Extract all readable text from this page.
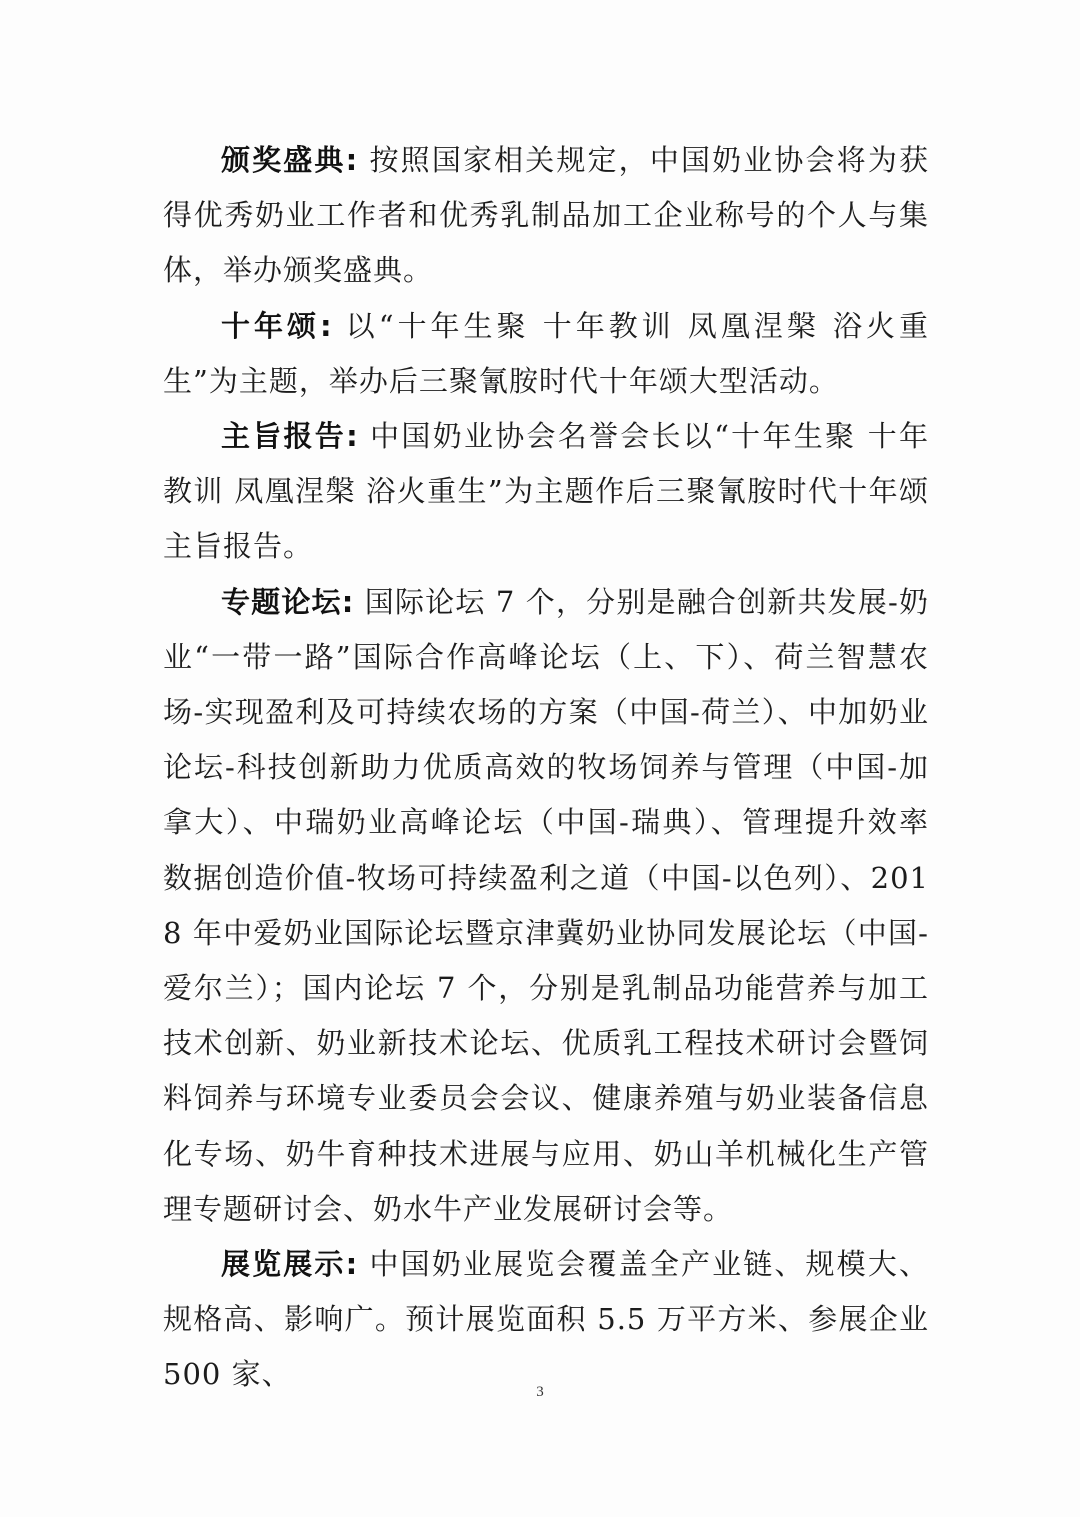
颁奖盛典: 按照国家相关规定，中国奶业协会将为获得优秀奶业工作者和优秀乳制品加工企业称号的个人与集体，举办颁奖盛典。

十年颂: 以“十年生聚 十年教训 凤凰涅槃 浴火重生”为主题，举办后三聚氰胺时代十年颂大型活动。

主旨报告: 中国奶业协会名誉会长以“十年生聚 十年教训 凤凰涅槃 浴火重生”为主题作后三聚氰胺时代十年颂主旨报告。

专题论坛: 国际论坛 7 个，分别是融合创新共发展-奶业“一带一路”国际合作高峰论坛（上、下）、荷兰智慧农场-实现盈利及可持续农场的方案（中国-荷兰）、中加奶业论坛-科技创新助力优质高效的牧场饲养与管理（中国-加拿大）、中瑞奶业高峰论坛（中国-瑞典）、管理提升效率 数据创造价值-牧场可持续盈利之道（中国-以色列）、2018 年中爱奶业国际论坛暨京津冀奶业协同发展论坛（中国-爱尔兰）；国内论坛 7 个，分别是乳制品功能营养与加工技术创新、奶业新技术论坛、优质乳工程技术研讨会暨饲料饲养与环境专业委员会会议、健康养殖与奶业装备信息化专场、奶牛育种技术进展与应用、奶山羊机械化生产管理专题研讨会、奶水牛产业发展研讨会等。

展览展示: 中国奶业展览会覆盖全产业链、规模大、规格高、影响广。预计展览面积 5.5 万平方米、参展企业 500 家、

3
